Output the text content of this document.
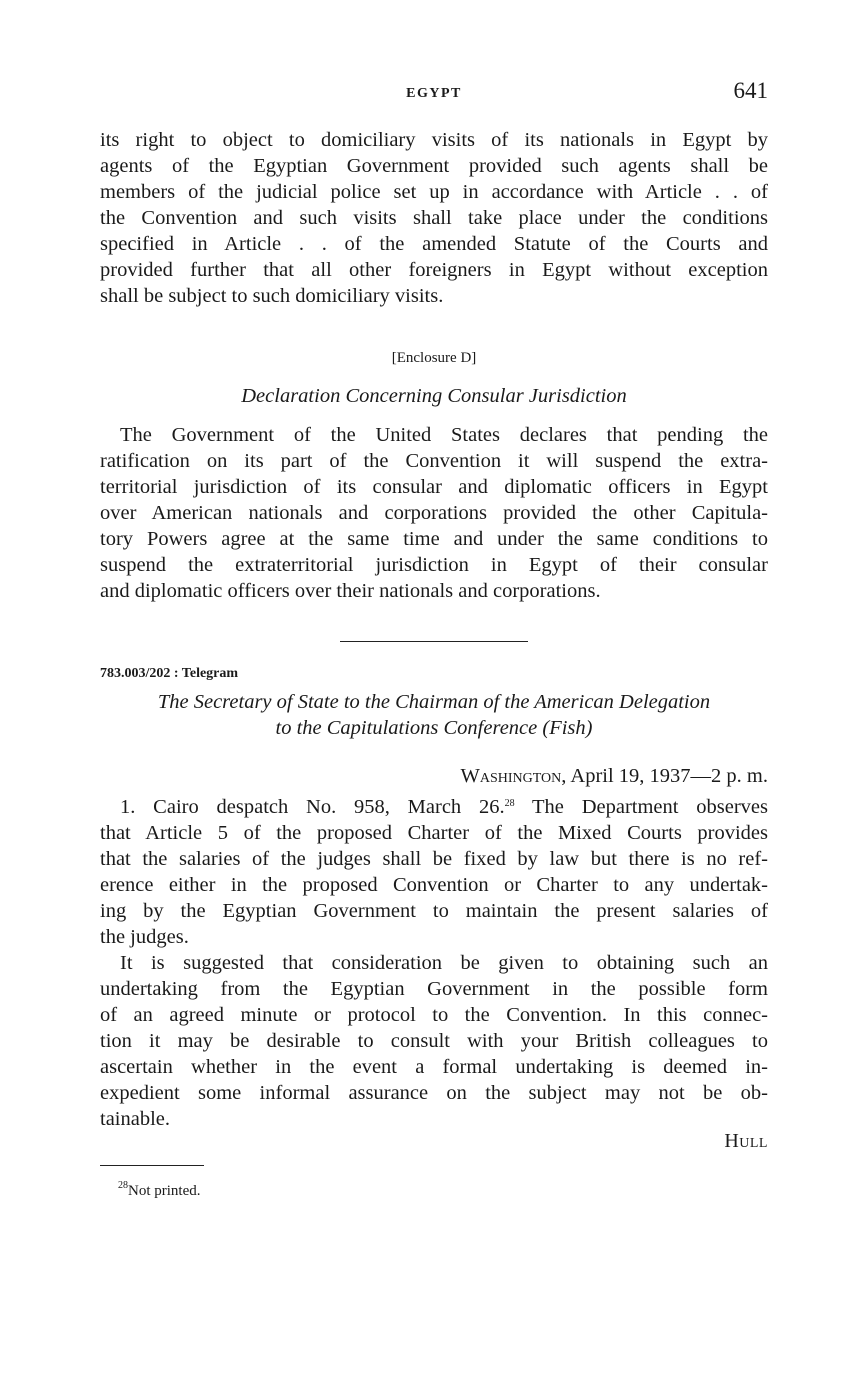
EGYPT	641
its right to object to domiciliary visits of its nationals in Egypt by
agents of the Egyptian Government provided such agents shall be
members of the judicial police set up in accordance with Article . . of
the Convention and such visits shall take place under the conditions
specified in Article . . of the amended Statute of the Courts and
provided further that all other foreigners in Egypt without exception
shall be subject to such domiciliary visits.
[Enclosure D]
Declaration Concerning Consular Jurisdiction
The Government of the United States declares that pending the
ratification on its part of the Convention it will suspend the extra-
territorial jurisdiction of its consular and diplomatic officers in Egypt
over American nationals and corporations provided the other Capitula-
tory Powers agree at the same time and under the same conditions to
suspend the extraterritorial jurisdiction in Egypt of their consular
and diplomatic officers over their nationals and corporations.
783.003/202 : Telegram
The Secretary of State to the Chairman of the American Delegation
to the Capitulations Conference (Fish)
Washington, April 19, 1937—2 p. m.
1. Cairo despatch No. 958, March 26.28 The Department observes
that Article 5 of the proposed Charter of the Mixed Courts provides
that the salaries of the judges shall be fixed by law but there is no ref-
erence either in the proposed Convention or Charter to any undertak-
ing by the Egyptian Government to maintain the present salaries of
the judges.
It is suggested that consideration be given to obtaining such an
undertaking from the Egyptian Government in the possible form
of an agreed minute or protocol to the Convention. In this connec-
tion it may be desirable to consult with your British colleagues to
ascertain whether in the event a formal undertaking is deemed in-
expedient some informal assurance on the subject may not be ob-
tainable.
Hull
$^{28}$Not printed.
